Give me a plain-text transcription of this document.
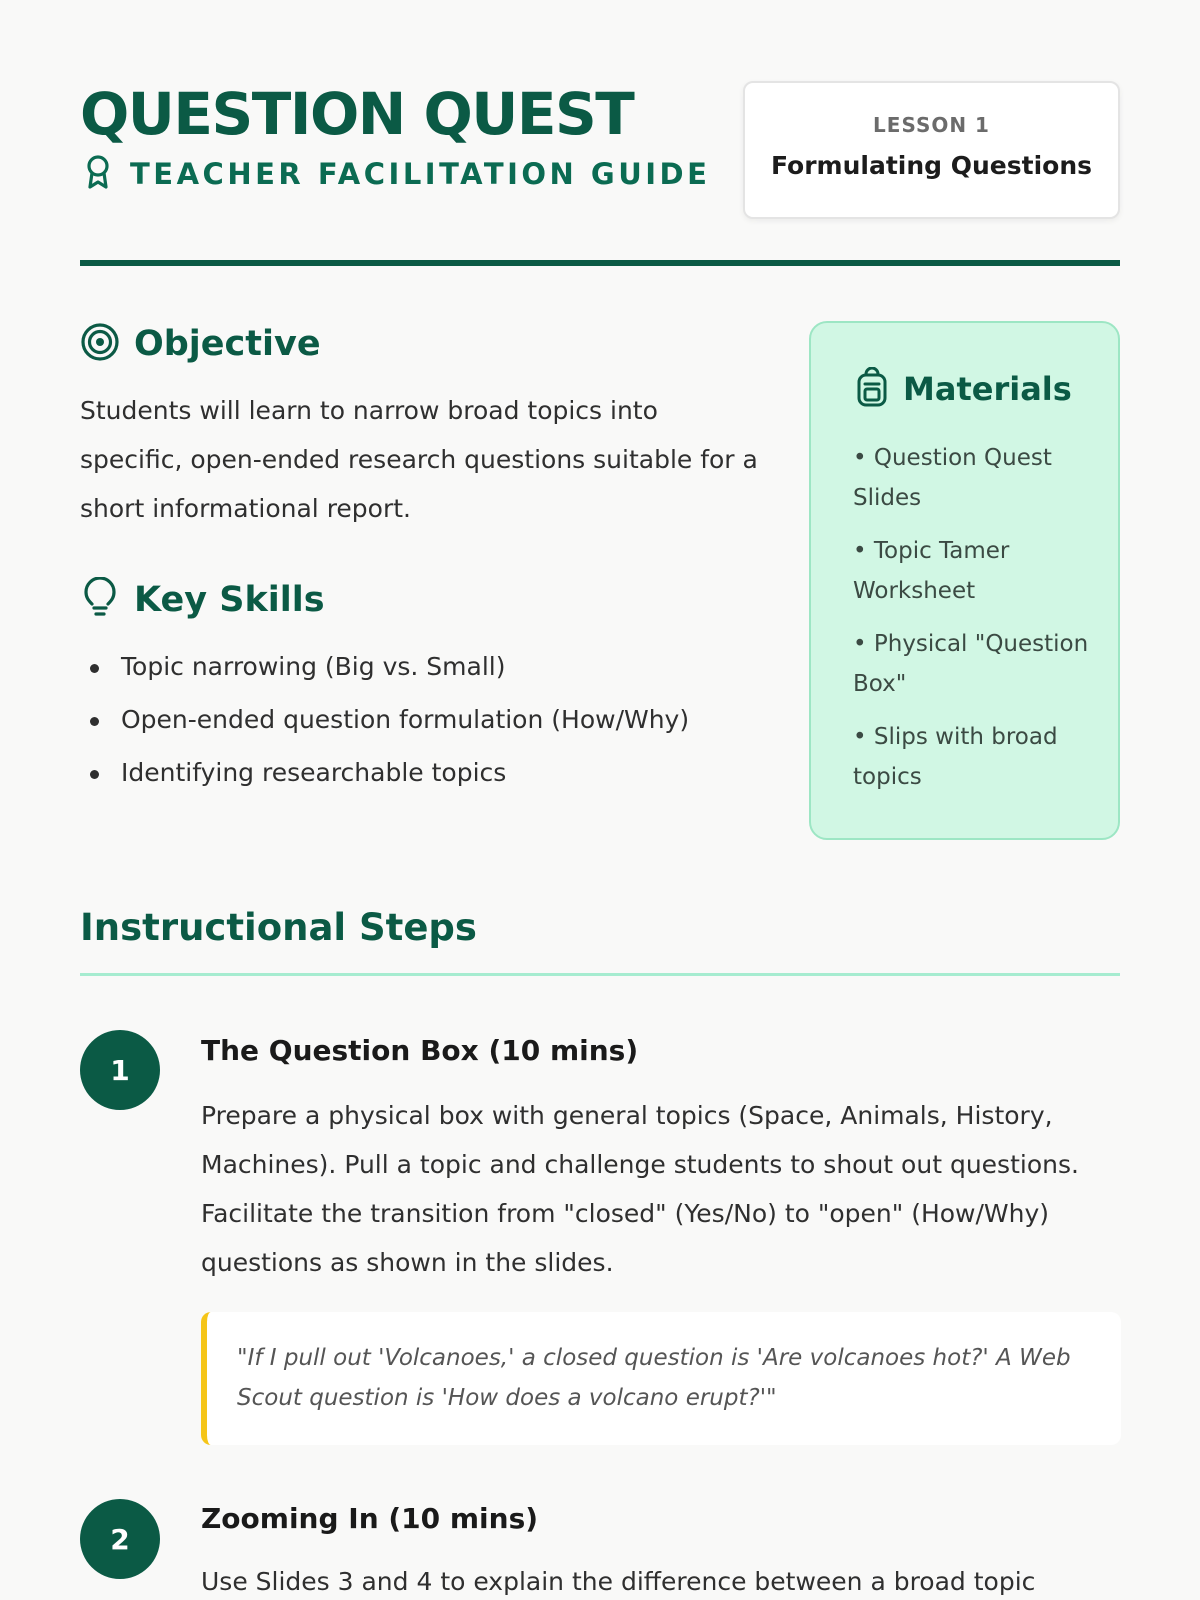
QUESTION QUEST
TEACHER FACILITATION GUIDE
LESSON 1
Formulating Questions
Objective

Students will learn to narrow broad topics into specific, open-ended research questions suitable for a short informational report.

Key Skills
Topic narrowing (Big vs. Small)
Open-ended question formulation (How/Why)
Identifying researchable topics
Materials
• Question Quest Slides
• Topic Tamer Worksheet
• Physical "Question Box"
• Slips with broad topics
Instructional Steps
1
The Question Box (10 mins)

Prepare a physical box with general topics (Space, Animals, History, Machines). Pull a topic and challenge students to shout out questions. Facilitate the transition from "closed" (Yes/No) to "open" (How/Why) questions as shown in the slides.

"If I pull out 'Volcanoes,' a closed question is 'Are volcanoes hot?' A Web Scout question is 'How does a volcano erupt?'"
2
Zooming In (10 mins)

Use Slides 3 and 4 to explain the difference between a broad topic
